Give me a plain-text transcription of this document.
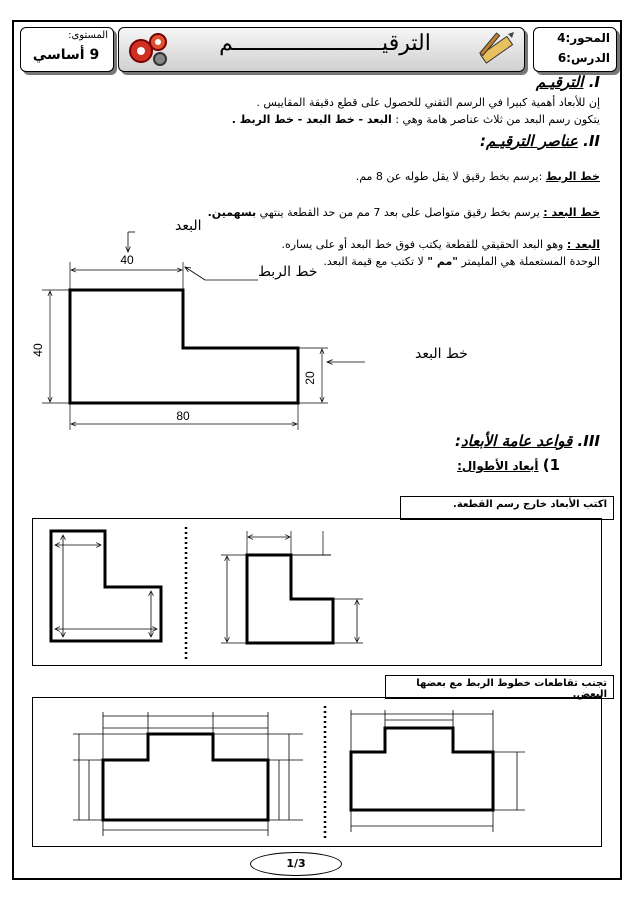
المحور:4
الدرس:6
الترقيـــــــــــــــــــــــم
المستوى:
9 أساسي
I. الترقيـم
إن للأبعاد أهمية كبيرا في الرسم التقني للحصول على قطع دقيقة المقاييس .
يتكون رسم البعد من ثلاث عناصر هامة وهي : البعد - خط البعد - خط الربط .
II. عناصر الترقيـم:
خط الربط :يرسم بخط رقيق لا يقل طوله عن 8 مم.
خط البعد : يرسم بخط رقيق متواصل على بعد 7 مم من حد القطعة ينتهي بسهمين.
البعد : وهو البعد الحقيقي للقطعة يكتب فوق خط البعد أو على يساره.
الوحدة المستعملة هي المليمتر "مم " لا تكتب مع قيمة البعد.
40
40
20
80
البعد
خط الربط
خط البعد
III. قواعد عامة الأبعاد:
1) أبعاد الأطوال:
اكتب الأبعاد خارج رسم القطعة.
تجنب تقاطعات خطوط الربط مع بعضها البعض.
1/3
